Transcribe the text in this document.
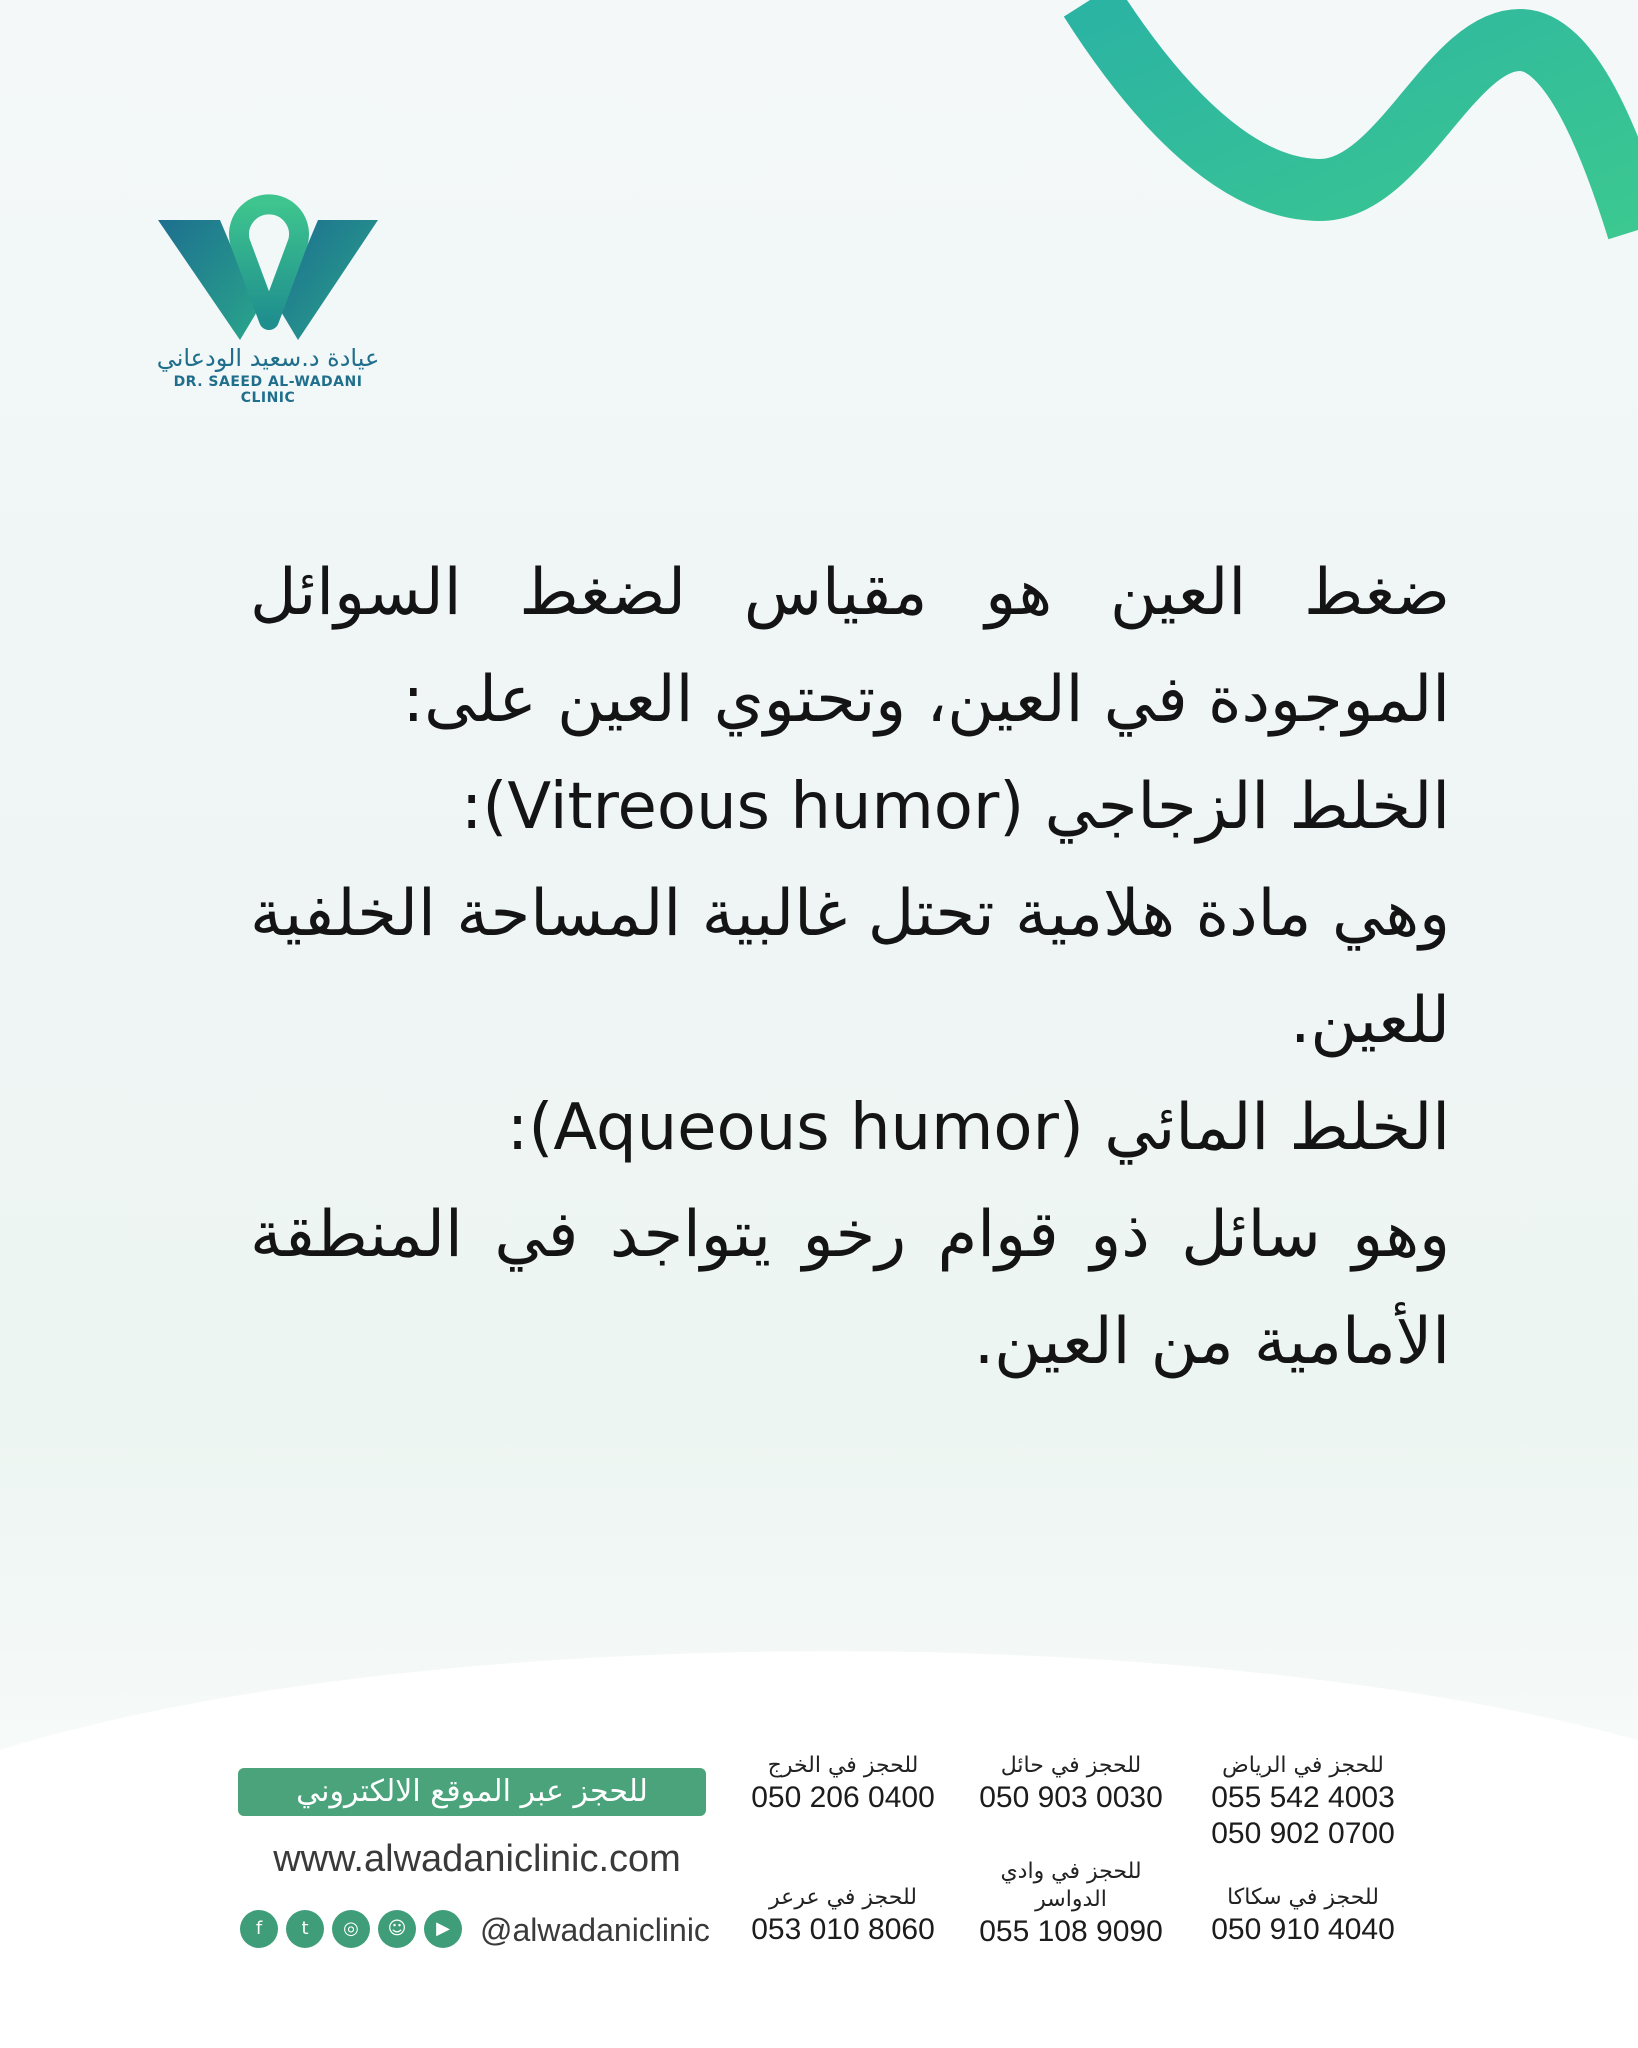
عيادة د.سعيد الودعاني
DR. SAEED AL-WADANI CLINIC

ضغط العين هو مقياس لضغط السوائل الموجودة في العين، وتحتوي العين على:

الخلط الزجاجي (Vitreous humor):

وهي مادة هلامية تحتل غالبية المساحة الخلفية للعين.

الخلط المائي (Aqueous humor):

وهو سائل ذو قوام رخو يتواجد في المنطقة الأمامية من العين.

للحجز عبر الموقع الالكتروني
www.alwadaniclinic.com
f	t	◎	☺	▶ @alwadaniclinic
للحجز في الرياض
055 542 4003
050 902 0700
للحجز في حائل
050 903 0030
للحجز في الخرج
050 206 0400
للحجز في سكاكا
050 910 4040
للحجز في وادي الدواسر
055 108 9090
للحجز في عرعر
053 010 8060
